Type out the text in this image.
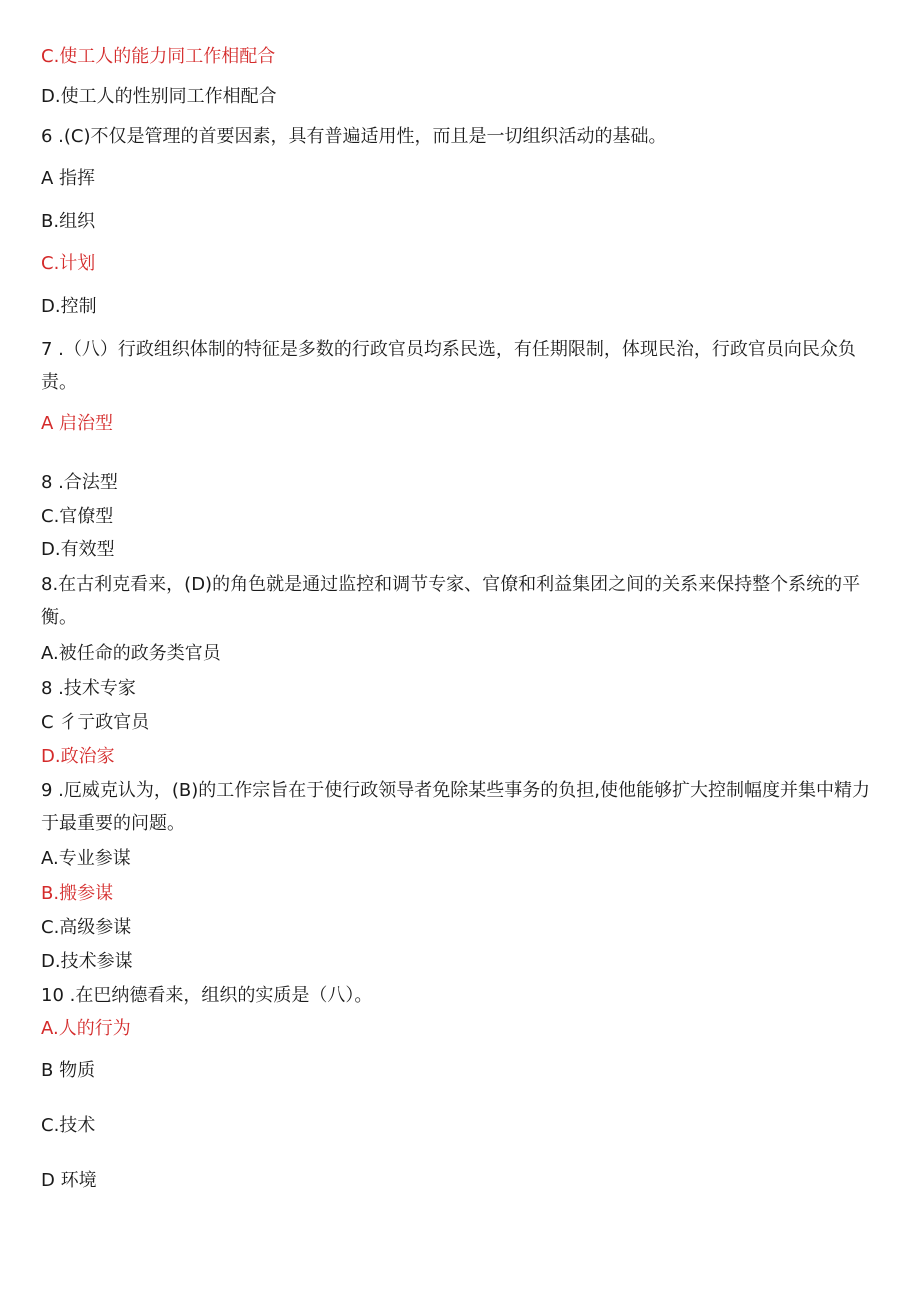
C.使工人的能力同工作相配合
D.使工人的性别同工作相配合
6 .(C)不仅是管理的首要因素，具有普遍适用性，而且是一切组织活动的基础。
A 指挥
B.组织
C.计划
D.控制
7 .（八）行政组织体制的特征是多数的行政官员均系民选，有任期限制，体现民治，行政官员向民众负责。
A 启治型
8 .合法型
C.官僚型
D.有效型
8.在古利克看来，(D)的角色就是通过监控和调节专家、官僚和利益集团之间的关系来保持整个系统的平衡。
A.被任命的政务类官员
8 .技术专家
C 彳亍政官员
D.政治家
9 .厄威克认为，(B)的工作宗旨在于使行政领导者免除某些事务的负担,使他能够扩大控制幅度并集中精力于最重要的问题。
A.专业参谋
B.搬参谋
C.高级参谋
D.技术参谋
10 .在巴纳德看来，组织的实质是（八）。
A.人的行为
B 物质
C.技术
D 环境
